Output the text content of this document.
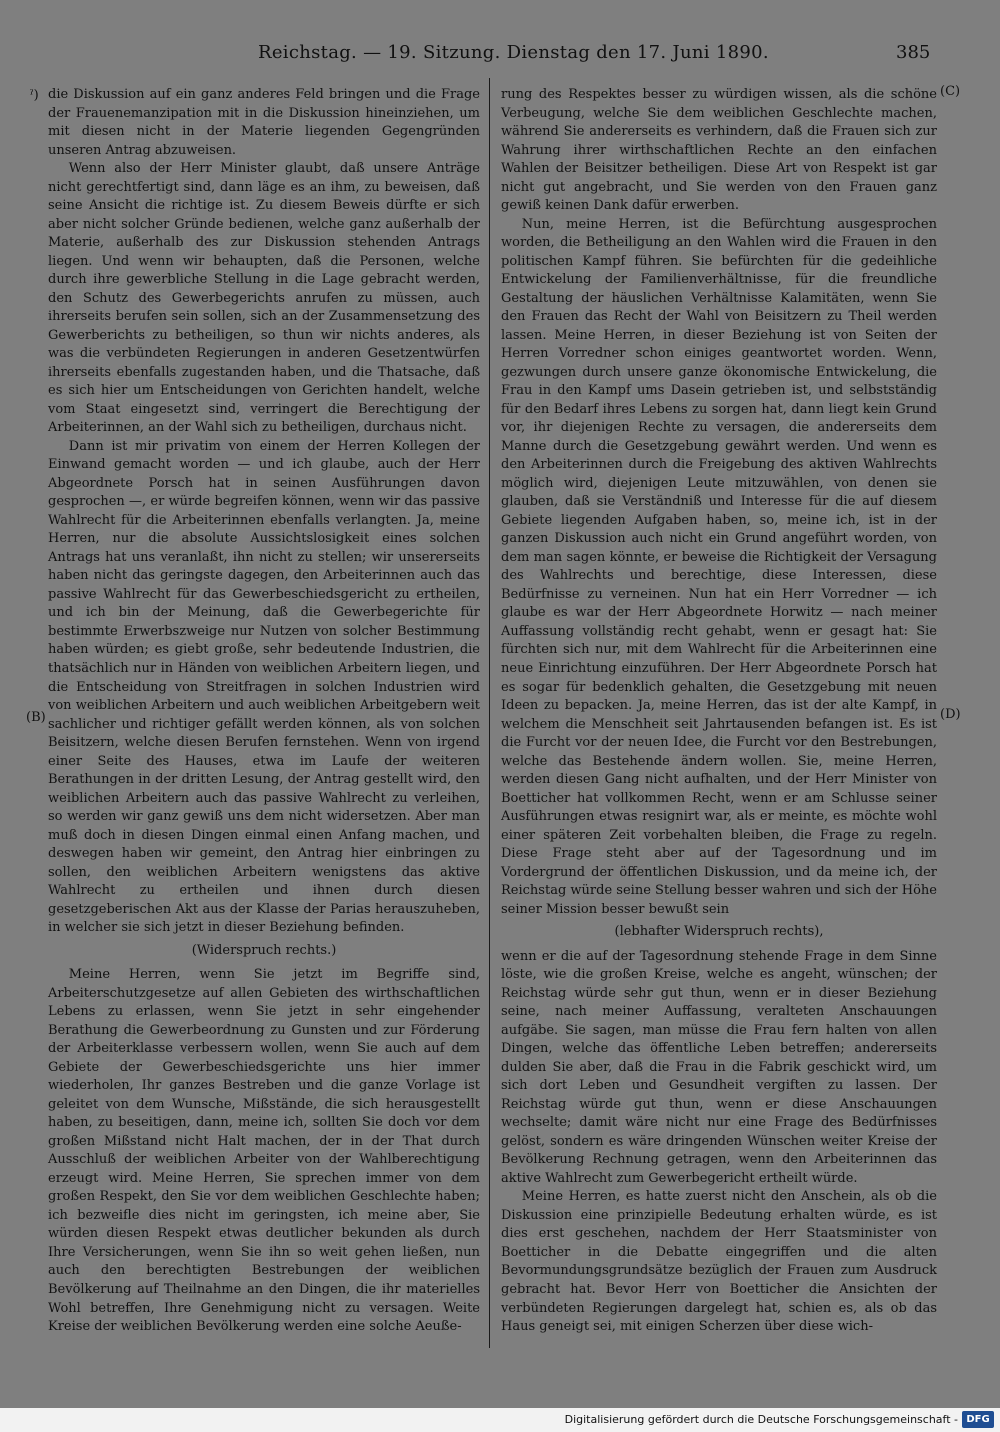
Reichstag. — 19. Sitzung. Dienstag den 17. Juni 1890.	385
ˀ)
(B)
(C)
(D)

die Diskussion auf ein ganz anderes Feld bringen und die Frage der Frauenemanzipation mit in die Diskussion hineinziehen, um mit diesen nicht in der Materie liegenden Gegengründen unseren Antrag abzuweisen.

Wenn also der Herr Minister glaubt, daß unsere Anträge nicht gerechtfertigt sind, dann läge es an ihm, zu beweisen, daß seine Ansicht die richtige ist. Zu diesem Beweis dürfte er sich aber nicht solcher Gründe bedienen, welche ganz außerhalb der Materie, außerhalb des zur Diskussion stehenden Antrags liegen. Und wenn wir behaupten, daß die Personen, welche durch ihre gewerbliche Stellung in die Lage gebracht werden, den Schutz des Gewerbegerichts anrufen zu müssen, auch ihrerseits berufen sein sollen, sich an der Zusammensetzung des Gewerberichts zu betheiligen, so thun wir nichts anderes, als was die verbündeten Regierungen in anderen Gesetzentwürfen ihrerseits ebenfalls zugestanden haben, und die Thatsache, daß es sich hier um Entscheidungen von Gerichten handelt, welche vom Staat eingesetzt sind, verringert die Berechtigung der Arbeiterinnen, an der Wahl sich zu betheiligen, durchaus nicht.

Dann ist mir privatim von einem der Herren Kollegen der Einwand gemacht worden — und ich glaube, auch der Herr Abgeordnete Porsch hat in seinen Ausführungen davon gesprochen —, er würde begreifen können, wenn wir das passive Wahlrecht für die Arbeiterinnen ebenfalls verlangten. Ja, meine Herren, nur die absolute Aussichtslosigkeit eines solchen Antrags hat uns veranlaßt, ihn nicht zu stellen; wir unsererseits haben nicht das geringste dagegen, den Arbeiterinnen auch das passive Wahlrecht für das Gewerbeschiedsgericht zu ertheilen, und ich bin der Meinung, daß die Gewerbegerichte für bestimmte Erwerbszweige nur Nutzen von solcher Bestimmung haben würden; es giebt große, sehr bedeutende Industrien, die thatsächlich nur in Händen von weiblichen Arbeitern liegen, und die Entscheidung von Streitfragen in solchen Industrien wird von weiblichen Arbeitern und auch weiblichen Arbeitgebern weit sachlicher und richtiger gefällt werden können, als von solchen Beisitzern, welche diesen Berufen fernstehen. Wenn von irgend einer Seite des Hauses, etwa im Laufe der weiteren Berathungen in der dritten Lesung, der Antrag gestellt wird, den weiblichen Arbeitern auch das passive Wahlrecht zu verleihen, so werden wir ganz gewiß uns dem nicht widersetzen. Aber man muß doch in diesen Dingen einmal einen Anfang machen, und deswegen haben wir gemeint, den Antrag hier einbringen zu sollen, den weiblichen Arbeitern wenigstens das aktive Wahlrecht zu ertheilen und ihnen durch diesen gesetzgeberischen Akt aus der Klasse der Parias herauszuheben, in welcher sie sich jetzt in dieser Beziehung befinden.

(Widerspruch rechts.)

Meine Herren, wenn Sie jetzt im Begriffe sind, Arbeiterschutzgesetze auf allen Gebieten des wirthschaftlichen Lebens zu erlassen, wenn Sie jetzt in sehr eingehender Berathung die Gewerbeordnung zu Gunsten und zur Förderung der Arbeiterklasse verbessern wollen, wenn Sie auch auf dem Gebiete der Gewerbeschiedsgerichte uns hier immer wiederholen, Ihr ganzes Bestreben und die ganze Vorlage ist geleitet von dem Wunsche, Mißstände, die sich herausgestellt haben, zu beseitigen, dann, meine ich, sollten Sie doch vor dem großen Mißstand nicht Halt machen, der in der That durch Ausschluß der weiblichen Arbeiter von der Wahlberechtigung erzeugt wird. Meine Herren, Sie sprechen immer von dem großen Respekt, den Sie vor dem weiblichen Geschlechte haben; ich bezweifle dies nicht im geringsten, ich meine aber, Sie würden diesen Respekt etwas deutlicher bekunden als durch Ihre Versicherungen, wenn Sie ihn so weit gehen ließen, nun auch den berechtigten Bestrebungen der weiblichen Bevölkerung auf Theilnahme an den Dingen, die ihr materielles Wohl betreffen, Ihre Genehmigung nicht zu versagen. Weite Kreise der weiblichen Bevölkerung werden eine solche Aeuße-

rung des Respektes besser zu würdigen wissen, als die schöne Verbeugung, welche Sie dem weiblichen Geschlechte machen, während Sie andererseits es verhindern, daß die Frauen sich zur Wahrung ihrer wirthschaftlichen Rechte an den einfachen Wahlen der Beisitzer betheiligen. Diese Art von Respekt ist gar nicht gut angebracht, und Sie werden von den Frauen ganz gewiß keinen Dank dafür erwerben.

Nun, meine Herren, ist die Befürchtung ausgesprochen worden, die Betheiligung an den Wahlen wird die Frauen in den politischen Kampf führen. Sie befürchten für die gedeihliche Entwickelung der Familienverhältnisse, für die freundliche Gestaltung der häuslichen Verhältnisse Kalamitäten, wenn Sie den Frauen das Recht der Wahl von Beisitzern zu Theil werden lassen. Meine Herren, in dieser Beziehung ist von Seiten der Herren Vorredner schon einiges geantwortet worden. Wenn, gezwungen durch unsere ganze ökonomische Entwickelung, die Frau in den Kampf ums Dasein getrieben ist, und selbstständig für den Bedarf ihres Lebens zu sorgen hat, dann liegt kein Grund vor, ihr diejenigen Rechte zu versagen, die andererseits dem Manne durch die Gesetzgebung gewährt werden. Und wenn es den Arbeiterinnen durch die Freigebung des aktiven Wahlrechts möglich wird, diejenigen Leute mitzuwählen, von denen sie glauben, daß sie Verständniß und Interesse für die auf diesem Gebiete liegenden Aufgaben haben, so, meine ich, ist in der ganzen Diskussion auch nicht ein Grund angeführt worden, von dem man sagen könnte, er beweise die Richtigkeit der Versagung des Wahlrechts und berechtige, diese Interessen, diese Bedürfnisse zu verneinen. Nun hat ein Herr Vorredner — ich glaube es war der Herr Abgeordnete Horwitz — nach meiner Auffassung vollständig recht gehabt, wenn er gesagt hat: Sie fürchten sich nur, mit dem Wahlrecht für die Arbeiterinnen eine neue Einrichtung einzuführen. Der Herr Abgeordnete Porsch hat es sogar für bedenklich gehalten, die Gesetzgebung mit neuen Ideen zu bepacken. Ja, meine Herren, das ist der alte Kampf, in welchem die Menschheit seit Jahrtausenden befangen ist. Es ist die Furcht vor der neuen Idee, die Furcht vor den Bestrebungen, welche das Bestehende ändern wollen. Sie, meine Herren, werden diesen Gang nicht aufhalten, und der Herr Minister von Boetticher hat vollkommen Recht, wenn er am Schlusse seiner Ausführungen etwas resignirt war, als er meinte, es möchte wohl einer späteren Zeit vorbehalten bleiben, die Frage zu regeln. Diese Frage steht aber auf der Tagesordnung und im Vordergrund der öffentlichen Diskussion, und da meine ich, der Reichstag würde seine Stellung besser wahren und sich der Höhe seiner Mission besser bewußt sein

(lebhafter Widerspruch rechts),

wenn er die auf der Tagesordnung stehende Frage in dem Sinne löste, wie die großen Kreise, welche es angeht, wünschen; der Reichstag würde sehr gut thun, wenn er in dieser Beziehung seine, nach meiner Auffassung, veralteten Anschauungen aufgäbe. Sie sagen, man müsse die Frau fern halten von allen Dingen, welche das öffentliche Leben betreffen; andererseits dulden Sie aber, daß die Frau in die Fabrik geschickt wird, um sich dort Leben und Gesundheit vergiften zu lassen. Der Reichstag würde gut thun, wenn er diese Anschauungen wechselte; damit wäre nicht nur eine Frage des Bedürfnisses gelöst, sondern es wäre dringenden Wünschen weiter Kreise der Bevölkerung Rechnung getragen, wenn den Arbeiterinnen das aktive Wahlrecht zum Gewerbegericht ertheilt würde.

Meine Herren, es hatte zuerst nicht den Anschein, als ob die Diskussion eine prinzipielle Bedeutung erhalten würde, es ist dies erst geschehen, nachdem der Herr Staatsminister von Boetticher in die Debatte eingegriffen und die alten Bevormundungsgrundsätze bezüglich der Frauen zum Ausdruck gebracht hat. Bevor Herr von Boetticher die Ansichten der verbündeten Regierungen dargelegt hat, schien es, als ob das Haus geneigt sei, mit einigen Scherzen über diese wich-

Digitalisierung gefördert durch die Deutsche Forschungsgemeinschaft - DFG
